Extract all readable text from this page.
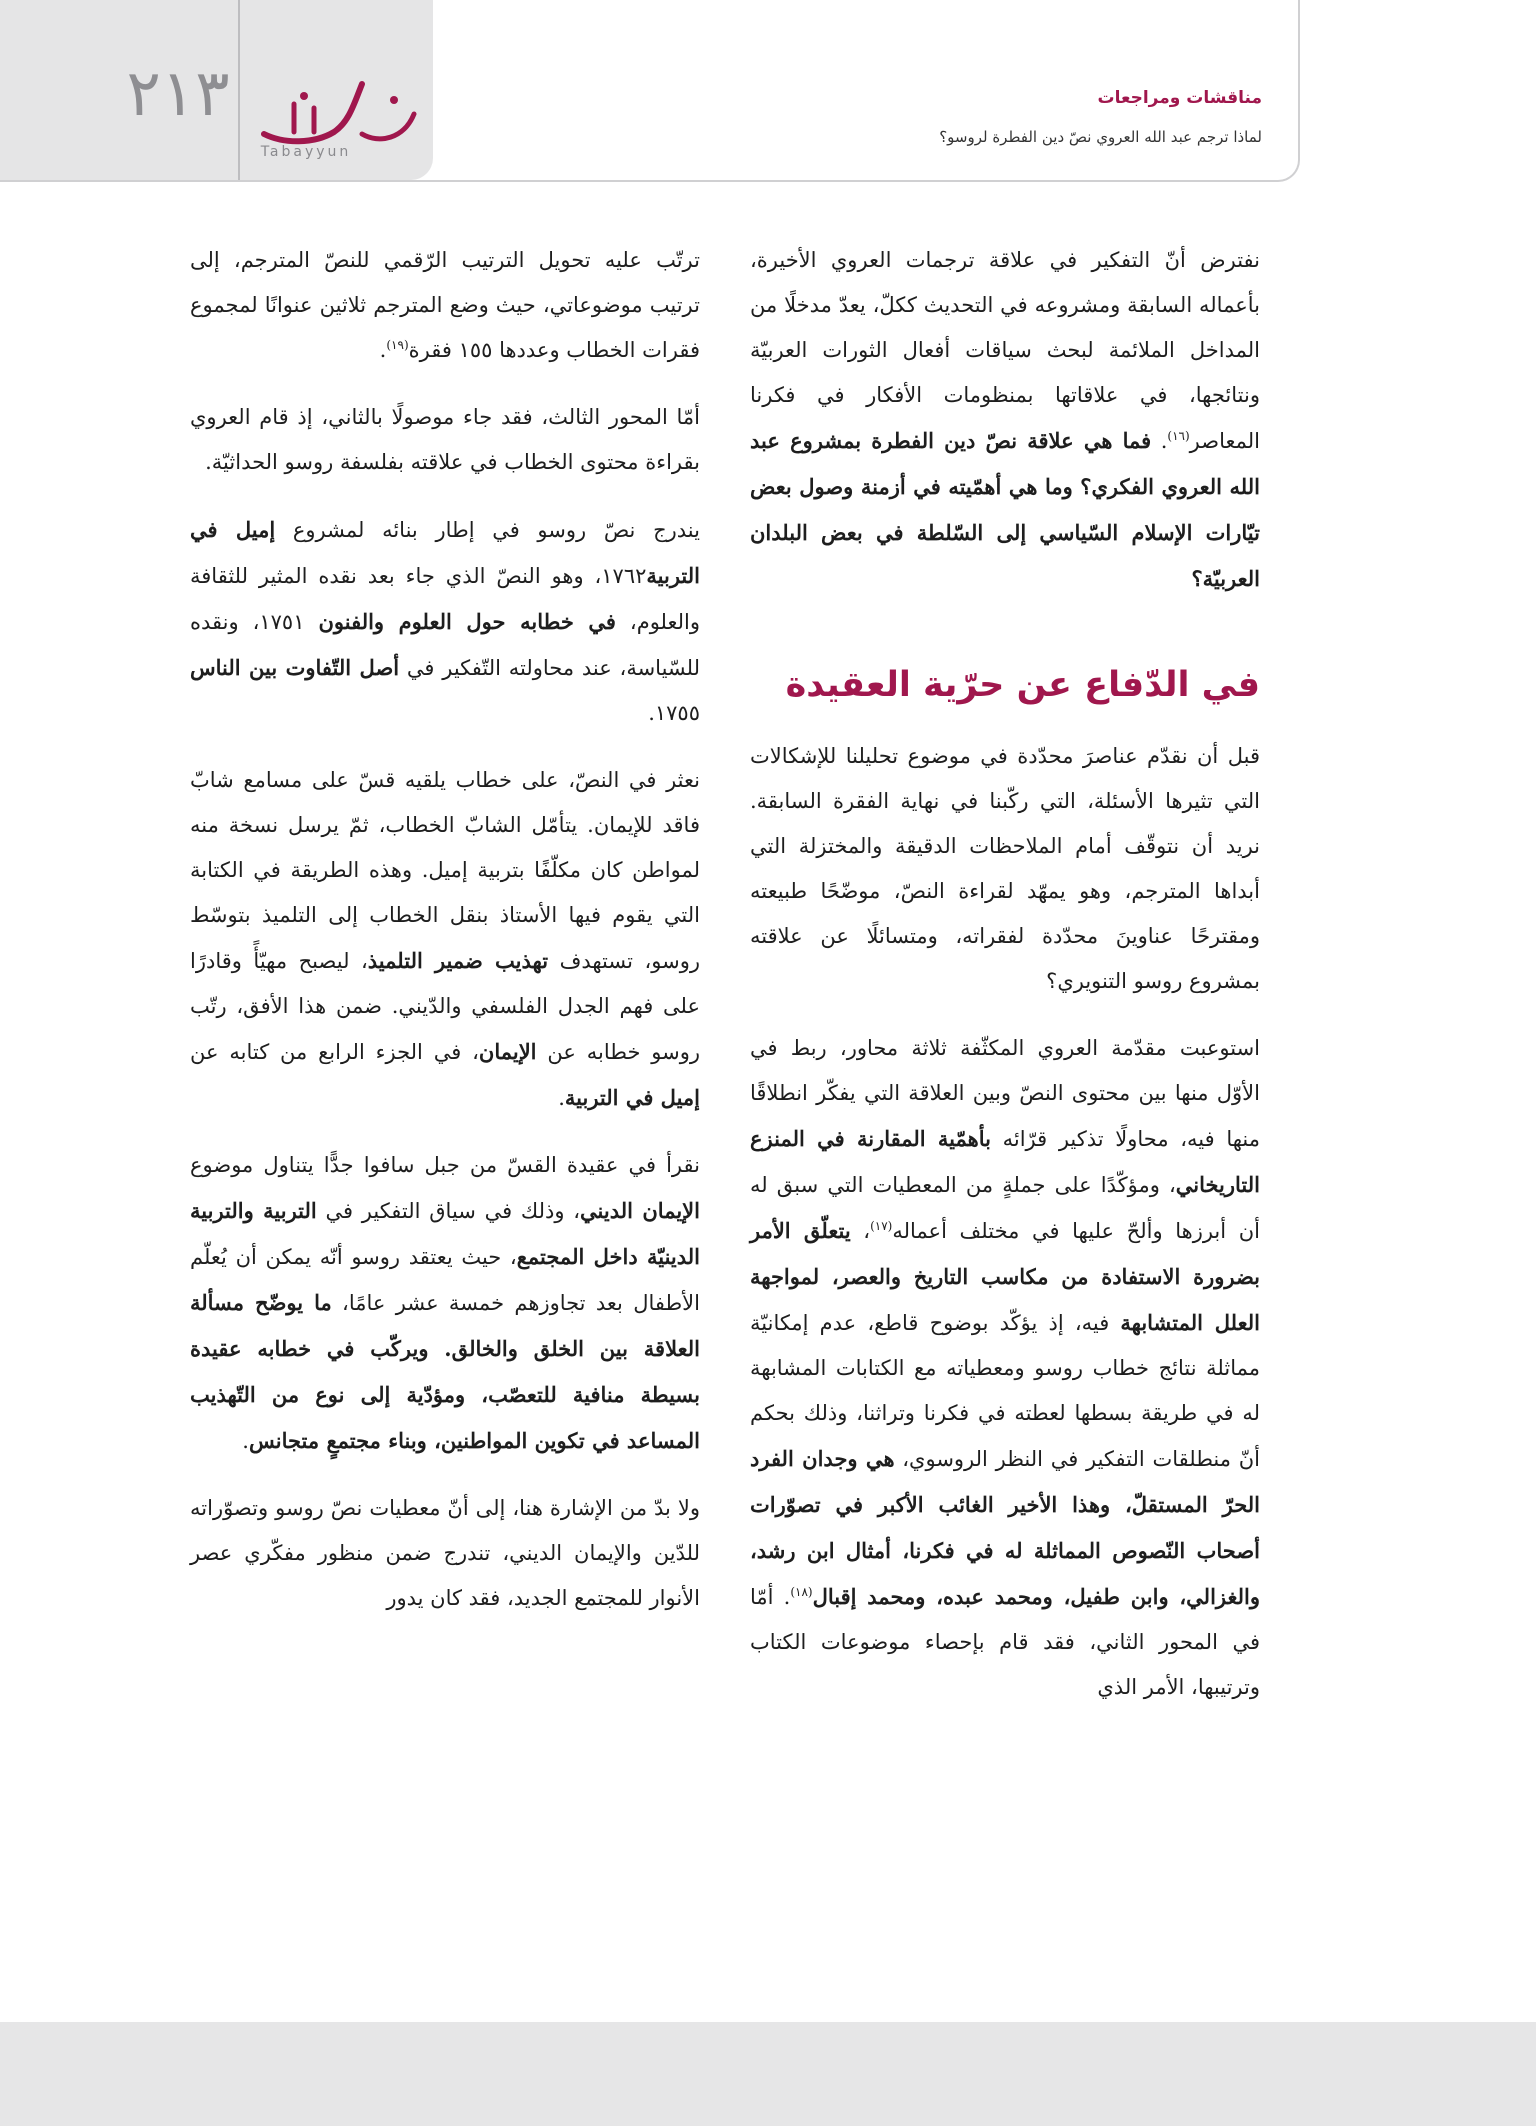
٢١٣
Tabayyun
مناقشات ومراجعات
لماذا ترجم عبد الله العروي نصّ دين الفطرة لروسو؟

نفترض أنّ التفكير في علاقة ترجمات العروي الأخيرة، بأعماله السابقة ومشروعه في التحديث ككلّ، يعدّ مدخلًا من المداخل الملائمة لبحث سياقات أفعال الثورات العربيّة ونتائجها، في علاقاتها بمنظومات الأفكار في فكرنا المعاصر$^{(١٦)}$. فما هي علاقة نصّ دين الفطرة بمشروع عبد الله العروي الفكري؟ وما هي أهمّيته في أزمنة وصول بعض تيّارات الإسلام السّياسي إلى السّلطة في بعض البلدان العربيّة؟

في الدّفاع عن حرّية العقيدة

قبل أن نقدّم عناصرَ محدّدة في موضوع تحليلنا للإشكالات التي تثيرها الأسئلة، التي ركّبنا في نهاية الفقرة السابقة. نريد أن نتوقّف أمام الملاحظات الدقيقة والمختزلة التي أبداها المترجم، وهو يمهّد لقراءة النصّ، موضّحًا طبيعته ومقترحًا عناوينَ محدّدة لفقراته، ومتسائلًا عن علاقته بمشروع روسو التنويري؟

استوعبت مقدّمة العروي المكثّفة ثلاثة محاور، ربط في الأوّل منها بين محتوى النصّ وبين العلاقة التي يفكّر انطلاقًا منها فيه، محاولًا تذكير قرّائه بأهمّية المقارنة في المنزع التاريخاني، ومؤكّدًا على جملةٍ من المعطيات التي سبق له أن أبرزها وألحّ عليها في مختلف أعماله$^{(١٧)}$، يتعلّق الأمر بضرورة الاستفادة من مكاسب التاريخ والعصر، لمواجهة العلل المتشابهة فيه، إذ يؤكّد بوضوح قاطع، عدم إمكانيّة مماثلة نتائج خطاب روسو ومعطياته مع الكتابات المشابهة له في طريقة بسطها لعطته في فكرنا وتراثنا، وذلك بحكم أنّ منطلقات التفكير في النظر الروسوي، هي وجدان الفرد الحرّ المستقلّ، وهذا الأخير الغائب الأكبر في تصوّرات أصحاب النّصوص المماثلة له في فكرنا، أمثال ابن رشد، والغزالي، وابن طفيل، ومحمد عبده، ومحمد إقبال$^{(١٨)}$. أمّا في المحور الثاني، فقد قام بإحصاء موضوعات الكتاب وترتيبها، الأمر الذي

ترتّب عليه تحويل الترتيب الرّقمي للنصّ المترجم، إلى ترتيب موضوعاتي، حيث وضع المترجم ثلاثين عنوانًا لمجموع فقرات الخطاب وعددها ١٥٥ فقرة$^{(١٩)}$.

أمّا المحور الثالث، فقد جاء موصولًا بالثاني، إذ قام العروي بقراءة محتوى الخطاب في علاقته بفلسفة روسو الحداثيّة.

يندرج نصّ روسو في إطار بنائه لمشروع إميل في التربية١٧٦٢، وهو النصّ الذي جاء بعد نقده المثير للثقافة والعلوم، في خطابه حول العلوم والفنون ١٧٥١، ونقده للسّياسة، عند محاولته التّفكير في أصل التّفاوت بين الناس ١٧٥٥.

نعثر في النصّ، على خطاب يلقيه قسّ على مسامع شابّ فاقد للإيمان. يتأمّل الشابّ الخطاب، ثمّ يرسل نسخة منه لمواطن كان مكلّفًا بتربية إميل. وهذه الطريقة في الكتابة التي يقوم فيها الأستاذ بنقل الخطاب إلى التلميذ بتوسّط روسو، تستهدف تهذيب ضمير التلميذ، ليصبح مهيّأً وقادرًا على فهم الجدل الفلسفي والدّيني. ضمن هذا الأفق، رتّب روسو خطابه عن الإيمان، في الجزء الرابع من كتابه عن إميل في التربية.

نقرأ في عقيدة القسّ من جبل سافوا جدًّا يتناول موضوع الإيمان الديني، وذلك في سياق التفكير في التربية والتربية الدينيّة داخل المجتمع، حيث يعتقد روسو أنّه يمكن أن يُعلّم الأطفال بعد تجاوزهم خمسة عشر عامًا، ما يوضّح مسألة العلاقة بين الخلق والخالق. ويركّب في خطابه عقيدة بسيطة منافية للتعصّب، ومؤدّية إلى نوع من التّهذيب المساعد في تكوين المواطنين، وبناء مجتمعٍ متجانس.

ولا بدّ من الإشارة هنا، إلى أنّ معطيات نصّ روسو وتصوّراته للدّين والإيمان الديني، تندرج ضمن منظور مفكّري عصر الأنوار للمجتمع الجديد، فقد كان يدور
